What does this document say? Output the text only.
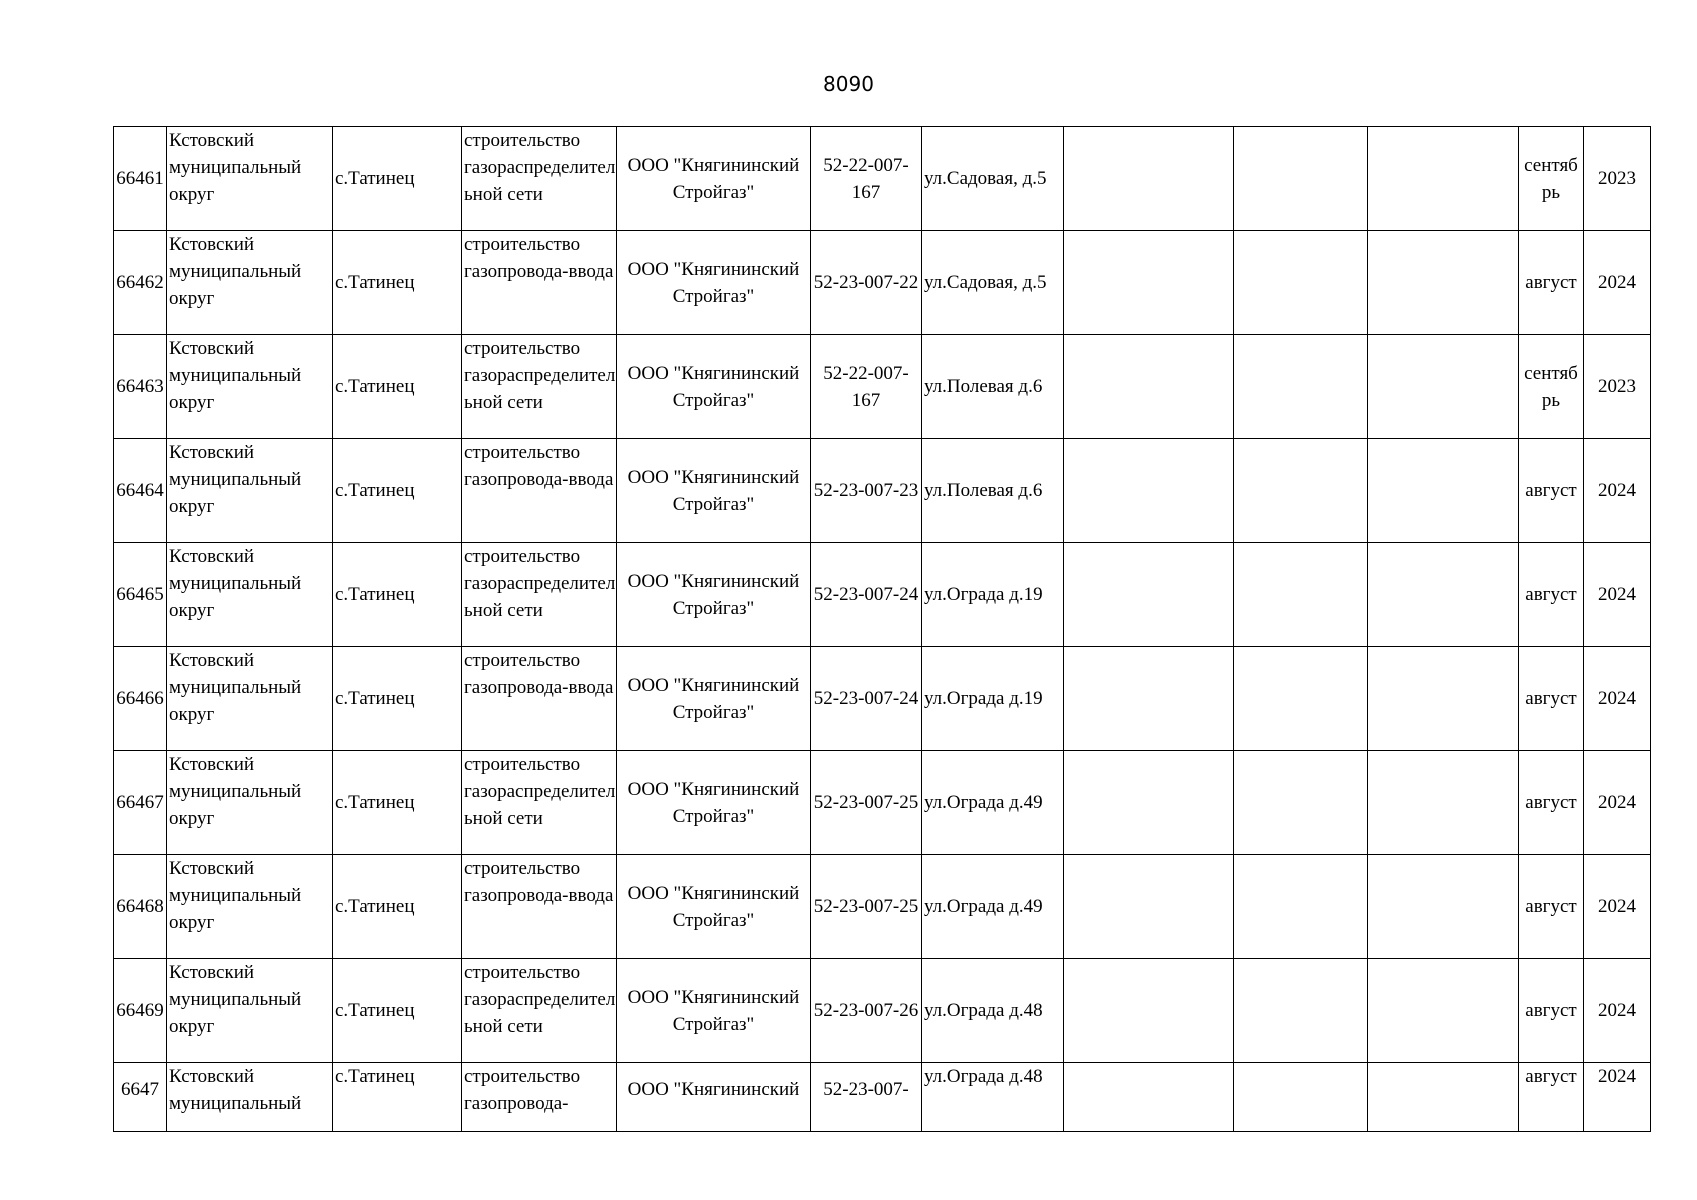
8090
66461	Кстовский муниципальный округ	с.Татинец	строительство газораспределительной сети	ООО "Княгининский Стройгаз"	52-22-007-167	ул.Садовая, д.5				сентябрь	2023

66462	Кстовский муниципальный округ	с.Татинец	строительство газопровода-ввода	ООО "Княгининский Стройгаз"	52-23-007-22	ул.Садовая, д.5				август	2024

66463	Кстовский муниципальный округ	с.Татинец	строительство газораспределительной сети	ООО "Княгининский Стройгаз"	52-22-007-167	ул.Полевая д.6				сентябрь	2023

66464	Кстовский муниципальный округ	с.Татинец	строительство газопровода-ввода	ООО "Княгининский Стройгаз"	52-23-007-23	ул.Полевая д.6				август	2024

66465	Кстовский муниципальный округ	с.Татинец	строительство газораспределительной сети	ООО "Княгининский Стройгаз"	52-23-007-24	ул.Ограда д.19				август	2024

66466	Кстовский муниципальный округ	с.Татинец	строительство газопровода-ввода	ООО "Княгининский Стройгаз"	52-23-007-24	ул.Ограда д.19				август	2024

66467	Кстовский муниципальный округ	с.Татинец	строительство газораспределительной сети	ООО "Княгининский Стройгаз"	52-23-007-25	ул.Ограда д.49				август	2024

66468	Кстовский муниципальный округ	с.Татинец	строительство газопровода-ввода	ООО "Княгининский Стройгаз"	52-23-007-25	ул.Ограда д.49				август	2024

66469	Кстовский муниципальный округ	с.Татинец	строительство газораспределительной сети	ООО "Княгининский Стройгаз"	52-23-007-26	ул.Ограда д.48				август	2024

6647	Кстовский муниципальный	с.Татинец	строительство газопровода-	ООО "Княгининский	52-23-007-	ул.Ограда д.48				август	2024
